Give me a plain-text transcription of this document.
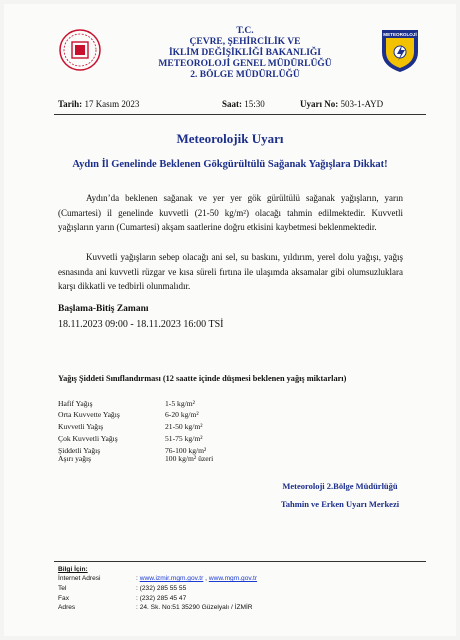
METEOROLOJİ
T.C.
ÇEVRE, ŞEHİRCİLİK VE
İKLİM DEĞİŞİKLİĞİ BAKANLIĞI
METEOROLOJİ GENEL MÜDÜRLÜĞÜ
2. BÖLGE MÜDÜRLÜĞÜ
Tarih: 17 Kasım 2023	Saat: 15:30	Uyarı No: 503-1-AYD
Meteorolojik Uyarı
Aydın İl Genelinde Beklenen Gökgürültülü Sağanak Yağışlara Dikkat!
Aydın’da beklenen sağanak ve yer yer gök gürültülü sağanak yağışların, yarın (Cumartesi) il genelinde kuvvetli (21-50 kg/m²) olacağı tahmin edilmektedir. Kuvvetli yağışların yarın (Cumartesi) akşam saatlerine doğru etkisini kaybetmesi beklenmektedir.
Kuvvetli yağışların sebep olacağı ani sel, su baskını, yıldırım, yerel dolu yağışı, yağış esnasında ani kuvvetli rüzgar ve kısa süreli fırtına ile ulaşımda aksamalar gibi olumsuzluklara karşı dikkatli ve tedbirli olunmalıdır.
Başlama-Bitiş Zamanı
18.11.2023 09:00 - 18.11.2023 16:00 TSİ
Yağış Şiddeti Sınıflandırması (12 saatte içinde düşmesi beklenen yağış miktarları)
Hafif Yağış	1-5 kg/m²
Orta Kuvvette Yağış	6-20 kg/m²
Kuvvetli Yağış	21-50 kg/m²
Çok Kuvvetli Yağış	51-75 kg/m²
Şiddetli Yağış	76-100 kg/m²
Aşırı yağış	100 kg/m² üzeri
Meteoroloji 2.Bölge Müdürlüğü
Tahmin ve Erken Uyarı Merkezi
Bilgi İçin:
İnternet Adresi	: www.izmir.mgm.gov.tr , www.mgm.gov.tr
Tel	: (232) 285 55 55
Fax	: (232) 285 45 47
Adres	: 24. Sk. No:51 35290 Güzelyalı / İZMİR
